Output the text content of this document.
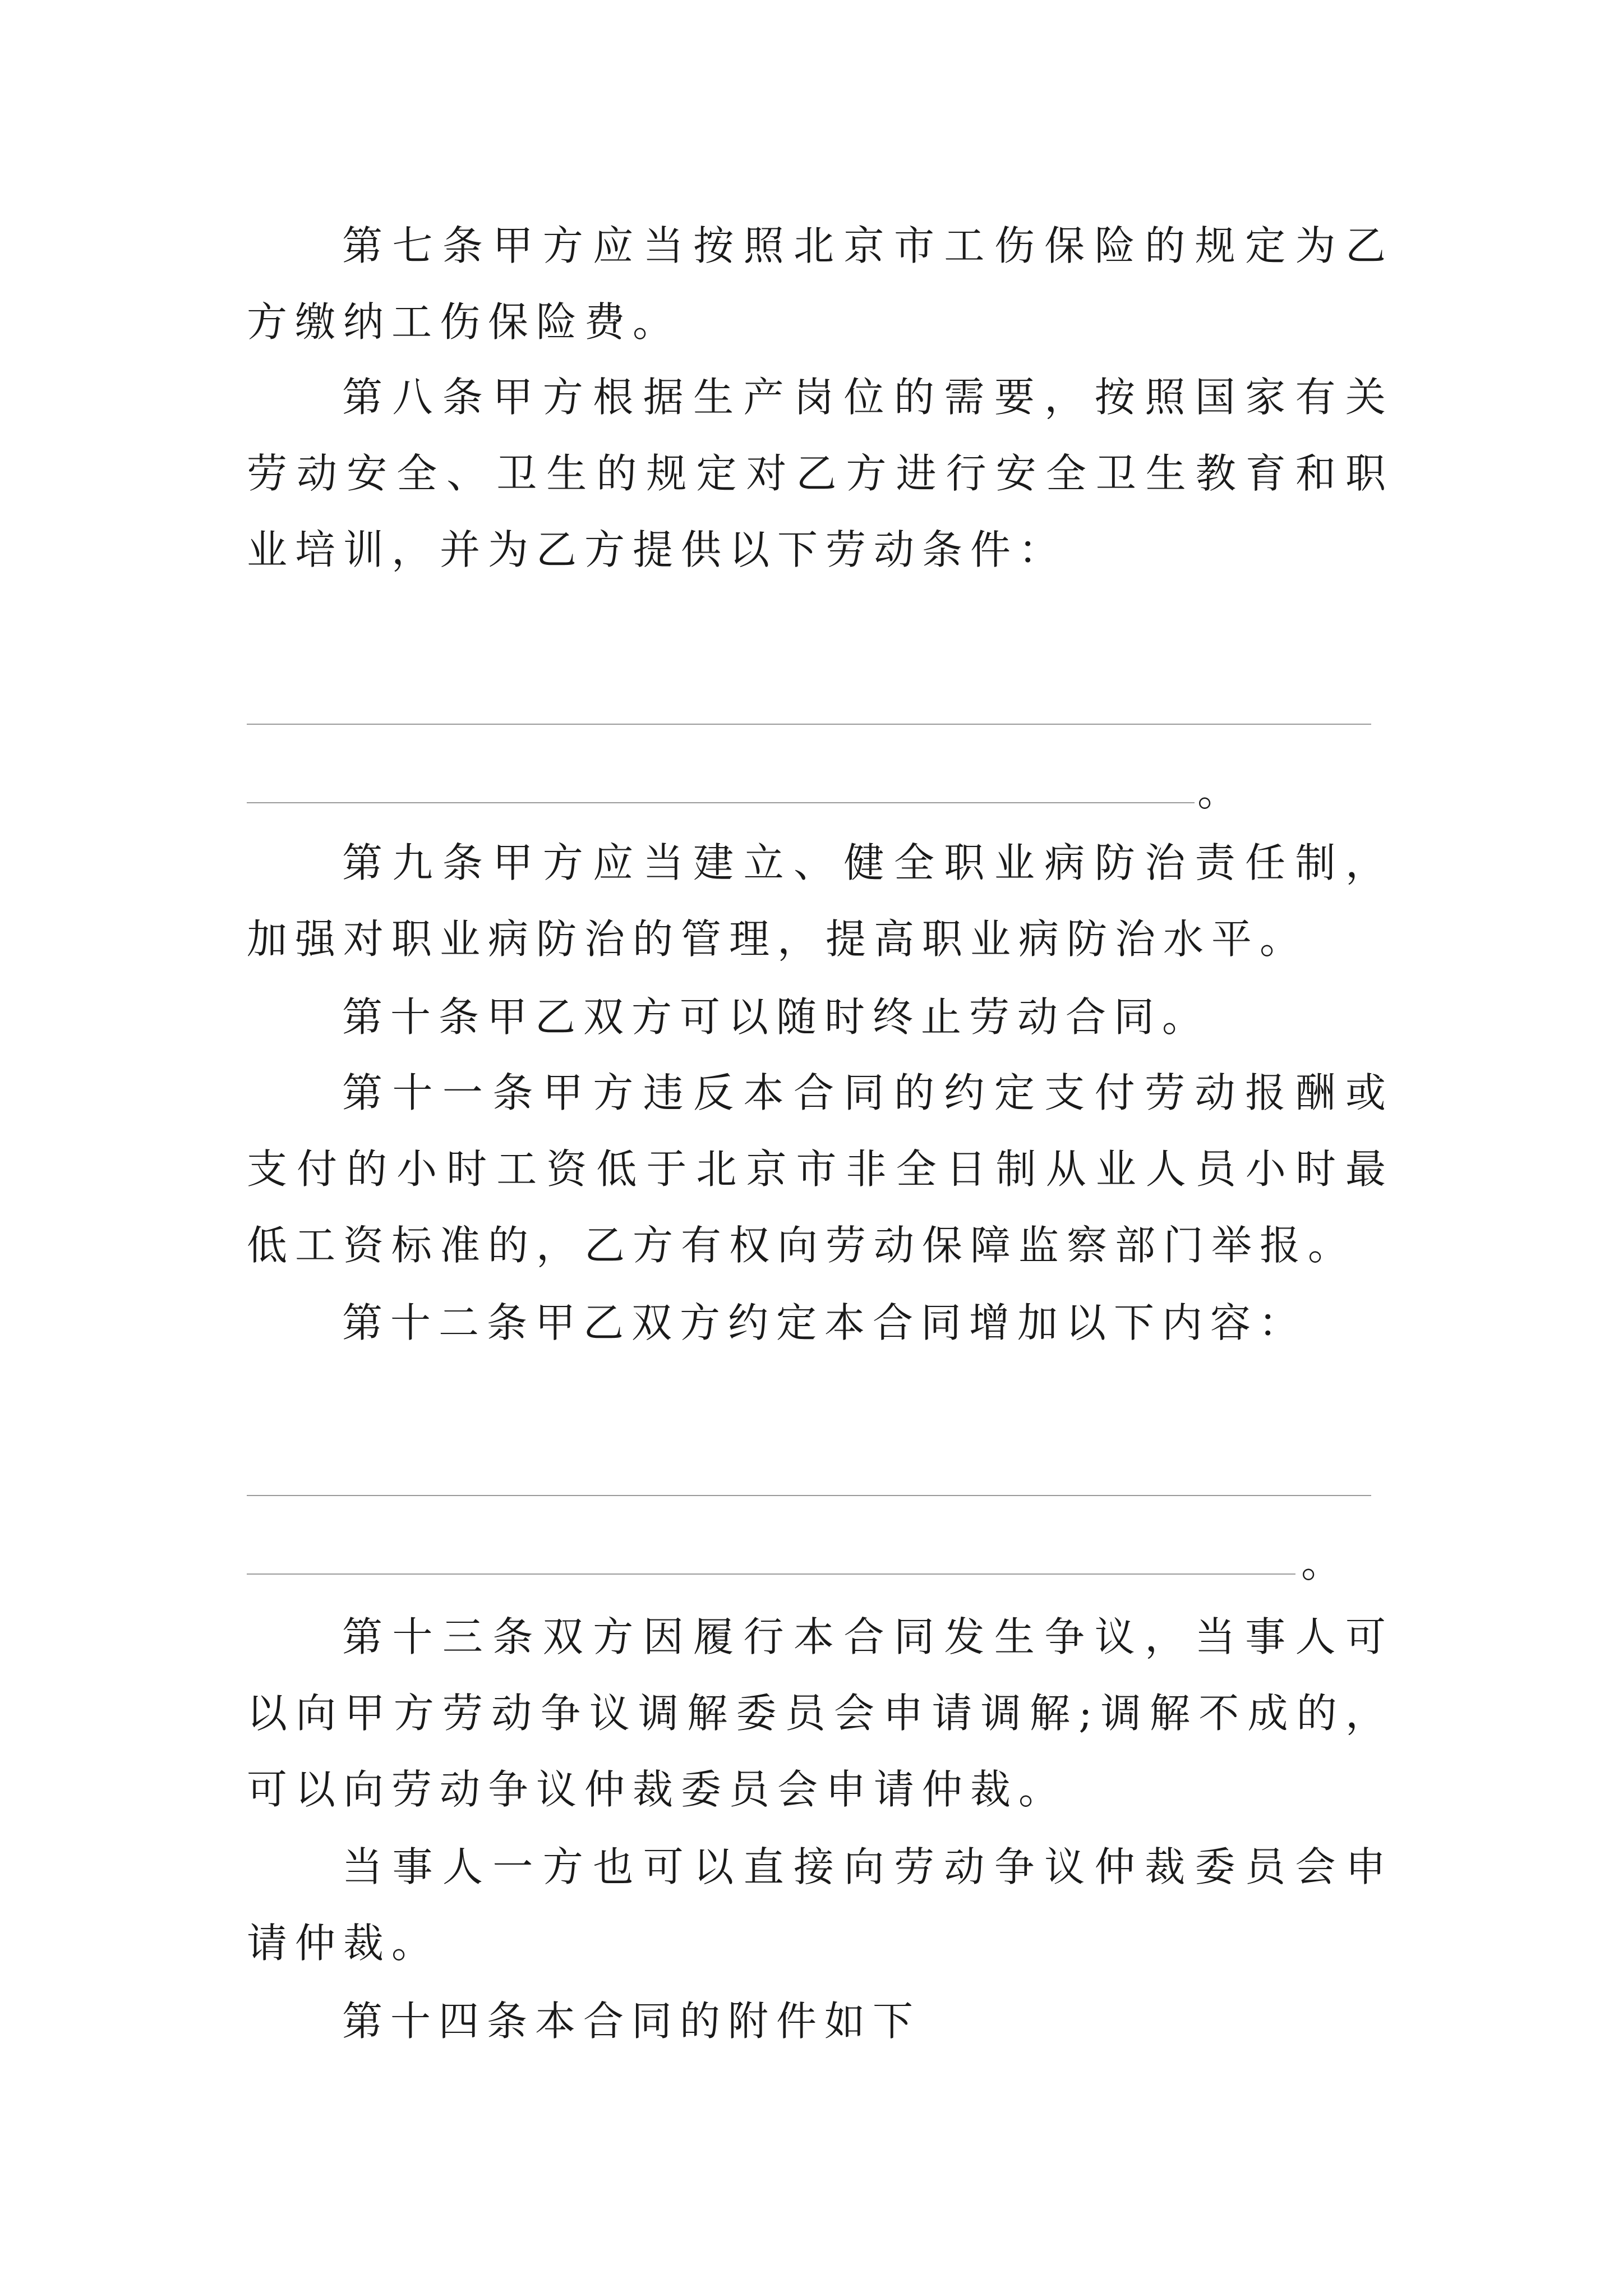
第七条甲方应当按照北京市工伤保险的规定为乙方缴纳工伤保险费。

第八条甲方根据生产岗位的需要，按照国家有关劳动安全、卫生的规定对乙方进行安全卫生教育和职业培训，并为乙方提供以下劳动条件：

。

第九条甲方应当建立、健全职业病防治责任制，加强对职业病防治的管理，提高职业病防治水平。

第十条甲乙双方可以随时终止劳动合同。

第十一条甲方违反本合同的约定支付劳动报酬或支付的小时工资低于北京市非全日制从业人员小时最低工资标准的，乙方有权向劳动保障监察部门举报。

第十二条甲乙双方约定本合同增加以下内容：

。

第十三条双方因履行本合同发生争议，当事人可以向甲方劳动争议调解委员会申请调解;调解不成的，可以向劳动争议仲裁委员会申请仲裁。

当事人一方也可以直接向劳动争议仲裁委员会申请仲裁。

第十四条本合同的附件如下
